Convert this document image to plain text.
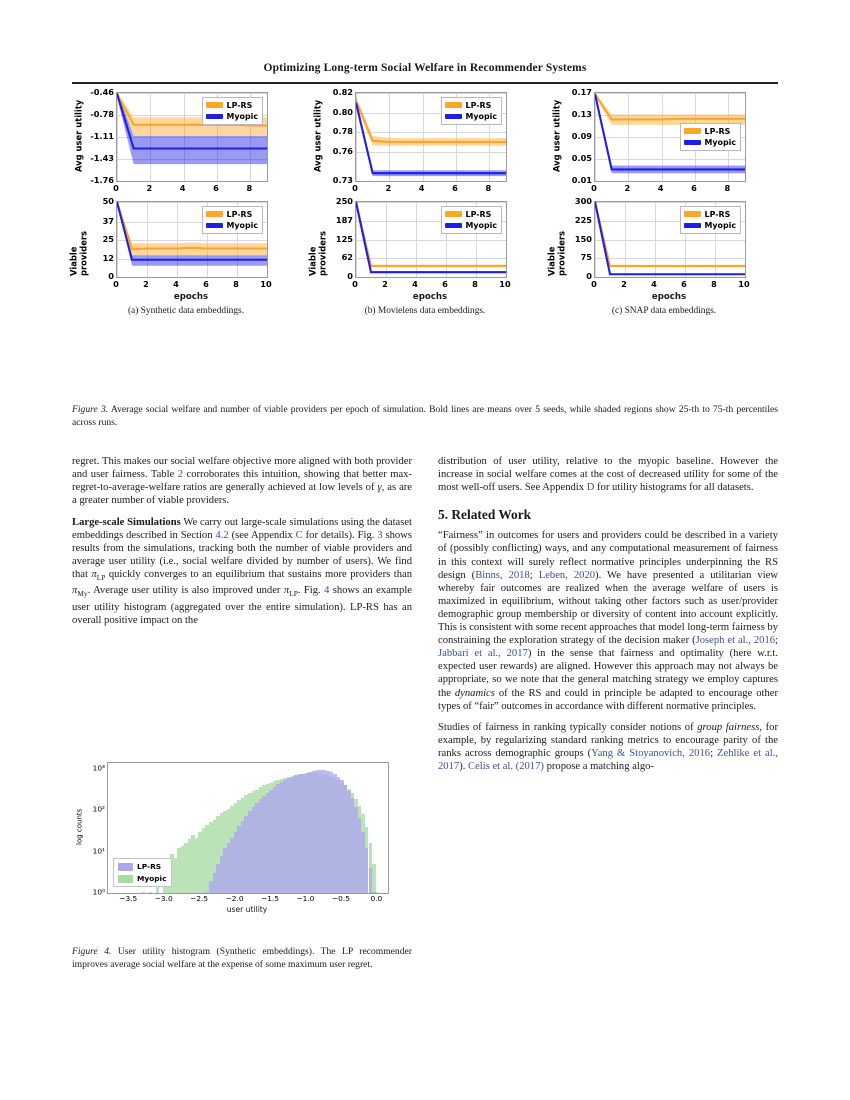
Optimizing Long-term Social Welfare in Recommender Systems
Avg user utility
-0.46
-0.78
-1.11
-1.43
-1.76
LP-RS
Myopic
0	2	4	6	8
Avg user utility
0.82
0.80
0.78
0.76
0.73
LP-RS
Myopic
0	2	4	6	8
Avg user utility
0.17
0.13
0.09
0.05
0.01
LP-RS
Myopic
0	2	4	6	8
Viable providers
50
37
25
12
0
LP-RS
Myopic
0	2	4	6	8	10
epochs
Viable providers
250
187
125
62
0
LP-RS
Myopic
0	2	4	6	8	10
epochs
Viable providers
300
225
150
75
0
LP-RS
Myopic
0	2	4	6	8	10
epochs
(a) Synthetic data embeddings.	(b) Movielens data embeddings.	(c) SNAP data embeddings.
Figure 3. Average social welfare and number of viable providers per epoch of simulation. Bold lines are means over 5 seeds, while shaded regions show 25-th to 75-th percentiles across runs.

regret. This makes our social welfare objective more aligned with both provider and user fairness. Table 2 corroborates this intuition, showing that better max-regret-to-average-welfare ratios are generally achieved at low levels of γ, as are a greater number of viable providers.

Large-scale Simulations We carry out large-scale simulations using the dataset embeddings described in Section 4.2 (see Appendix C for details). Fig. 3 shows results from the simulations, tracking both the number of viable providers and average user utility (i.e., social welfare divided by number of users). We find that $\pi_{LP}$ quickly converges to an equilibrium that sustains more providers than $\pi_{My}$. Average user utility is also improved under $\pi_{LP}$. Fig. 4 shows an example user utility histogram (aggregated over the entire simulation). LP-RS has an overall positive impact on the

log counts
10⁰
10¹
10²
10³
LP-RS
Myopic
−3.5 −3.0 −2.5 −2.0 −1.5 −1.0 −0.5	0.0
user utility
Figure 4. User utility histogram (Synthetic embeddings). The LP recommender improves average social welfare at the expense of some maximum user regret.

distribution of user utility, relative to the myopic baseline. However the increase in social welfare comes at the cost of decreased utility for some of the most well-off users. See Appendix D for utility histograms for all datasets.

5. Related Work

“Fairness” in outcomes for users and providers could be described in a variety of (possibly conflicting) ways, and any computational measurement of fairness in this context will surely reflect normative principles underpinning the RS design (Binns, 2018; Leben, 2020). We have presented a utilitarian view whereby fair outcomes are realized when the average welfare of users is maximized in equilibrium, without taking other factors such as user/provider demographic group membership or diversity of content into account explicitly. This is consistent with some recent approaches that model long-term fairness by constraining the exploration strategy of the decision maker (Joseph et al., 2016; Jabbari et al., 2017) in the sense that fairness and optimality (here w.r.t. expected user rewards) are aligned. However this approach may not always be appropriate, so we note that the general matching strategy we employ captures the dynamics of the RS and could in principle be adapted to encourage other types of “fair” outcomes in accordance with different normative principles.

Studies of fairness in ranking typically consider notions of group fairness, for example, by regularizing standard ranking metrics to encourage parity of the ranks across demographic groups (Yang & Stoyanovich, 2016; Zehlike et al., 2017). Celis et al. (2017) propose a matching algo-
